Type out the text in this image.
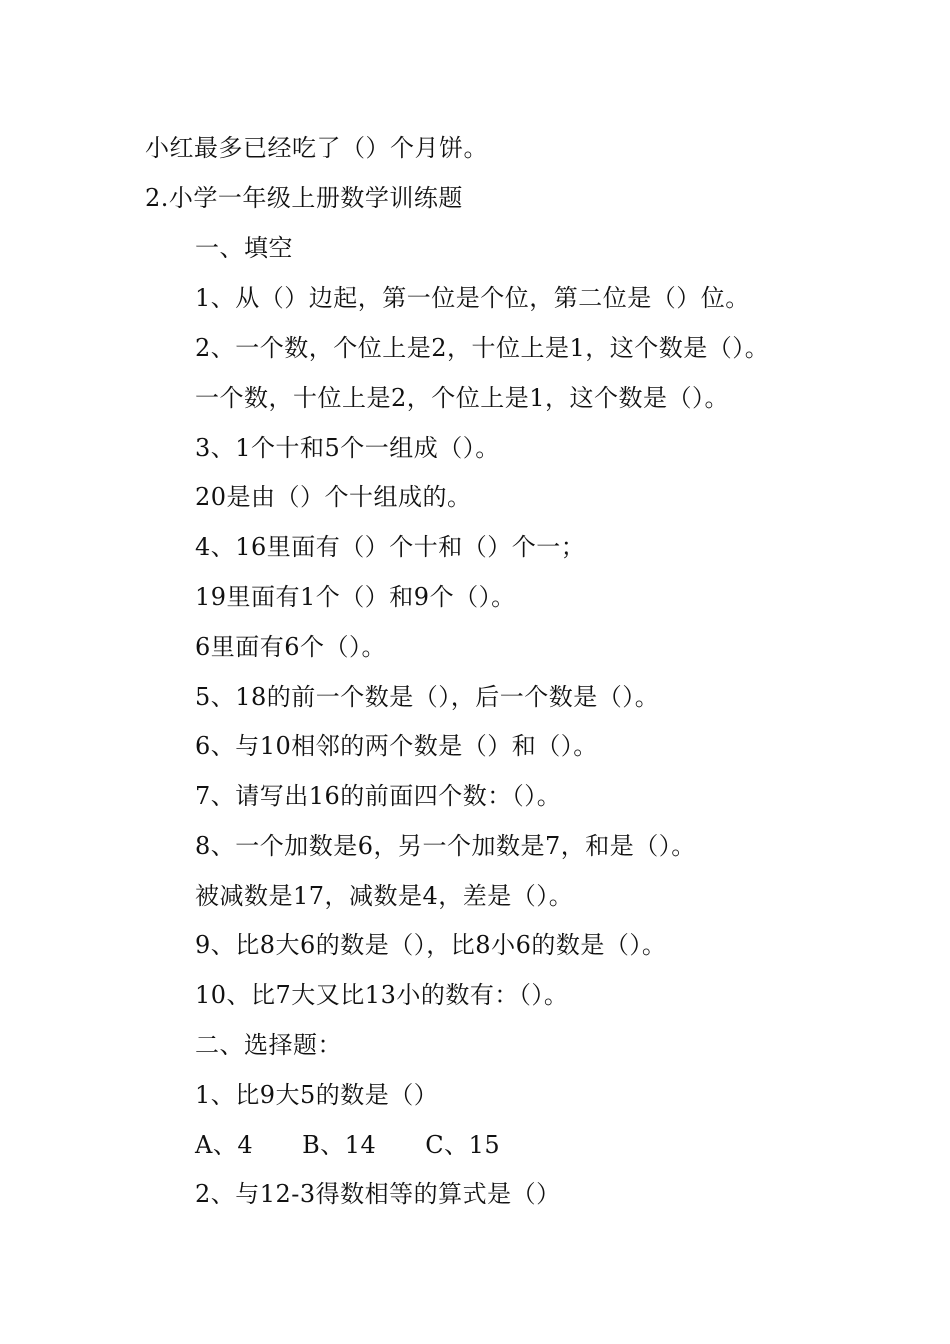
小红最多已经吃了（）个月饼。
2.小学一年级上册数学训练题
一、填空
1、从（）边起，第一位是个位，第二位是（）位。
2、一个数，个位上是2，十位上是1，这个数是（）。
一个数，十位上是2，个位上是1，这个数是（）。
3、1个十和5个一组成（）。
20是由（）个十组成的。
4、16里面有（）个十和（）个一；
19里面有1个（）和9个（）。
6里面有6个（）。
5、18的前一个数是（），后一个数是（）。
6、与10相邻的两个数是（）和（）。
7、请写出16的前面四个数：（）。
8、一个加数是6，另一个加数是7，和是（）。
被减数是17，减数是4，差是（）。
9、比8大6的数是（），比8小6的数是（）。
10、比7大又比13小的数有：（）。
二、选择题：
1、比9大5的数是（）
A、4　　B、14　　C、15
2、与12-3得数相等的算式是（）
